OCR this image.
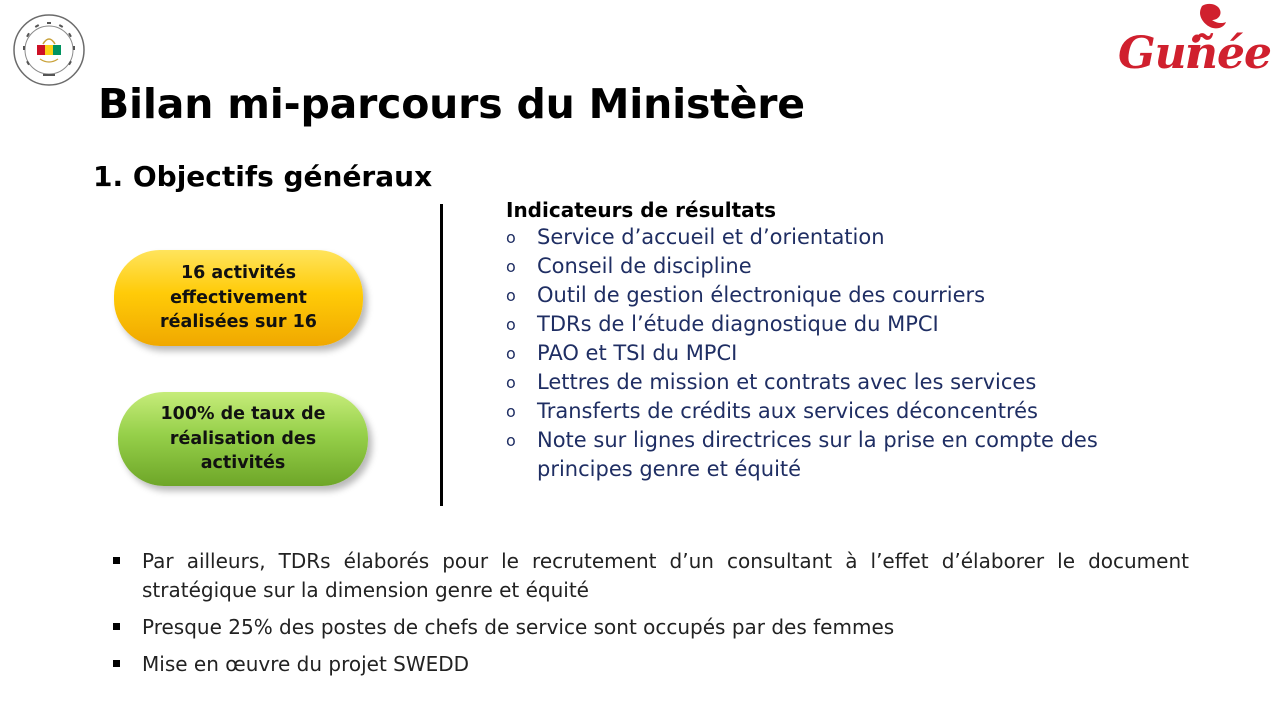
Gui
ñée
Bilan mi-parcours du Ministère
1. Objectifs généraux
16 activités effectivement réalisées sur 16
100% de taux de réalisation des activités
Indicateurs de résultats
o Service d’accueil et d’orientation
o Conseil de discipline
o Outil de gestion électronique des courriers
o TDRs de l’étude diagnostique du MPCI
o PAO et TSI du MPCI
o Lettres de mission et contrats avec les services
o Transferts de crédits aux services déconcentrés
o Note sur lignes directrices sur la prise en compte des principes genre et équité
Par ailleurs, TDRs élaborés pour le recrutement d’un consultant à l’effet d’élaborer le document stratégique sur la dimension genre et équité
Presque 25% des postes de chefs de service sont occupés par des femmes
Mise en œuvre du projet SWEDD
